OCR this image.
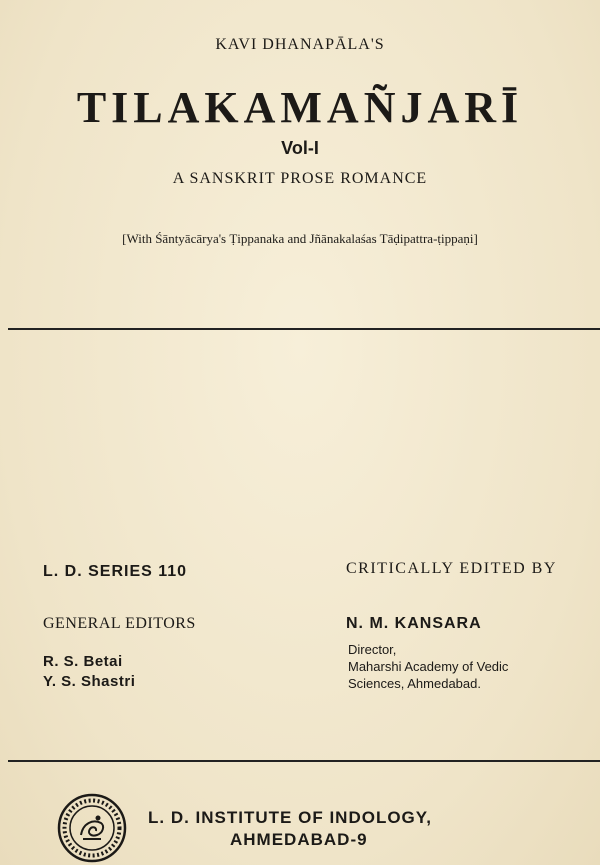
KAVI DHANAPĀLA'S
TILAKAMAÑJARĪ
Vol-I
A SANSKRIT PROSE ROMANCE
[With Śāntyācārya's Ṭippanaka and Jñānakalaśas Tāḍipattra-ṭippaṇi]
L. D. SERIES 110	CRITICALLY EDITED BY
GENERAL EDITORS	N. M. KANSARA
R. S. Betai
Y. S. Shastri
Director,
Maharshi Academy of Vedic
Sciences, Ahmedabad.
L. D. INSTITUTE OF INDOLOGY,
AHMEDABAD-9
